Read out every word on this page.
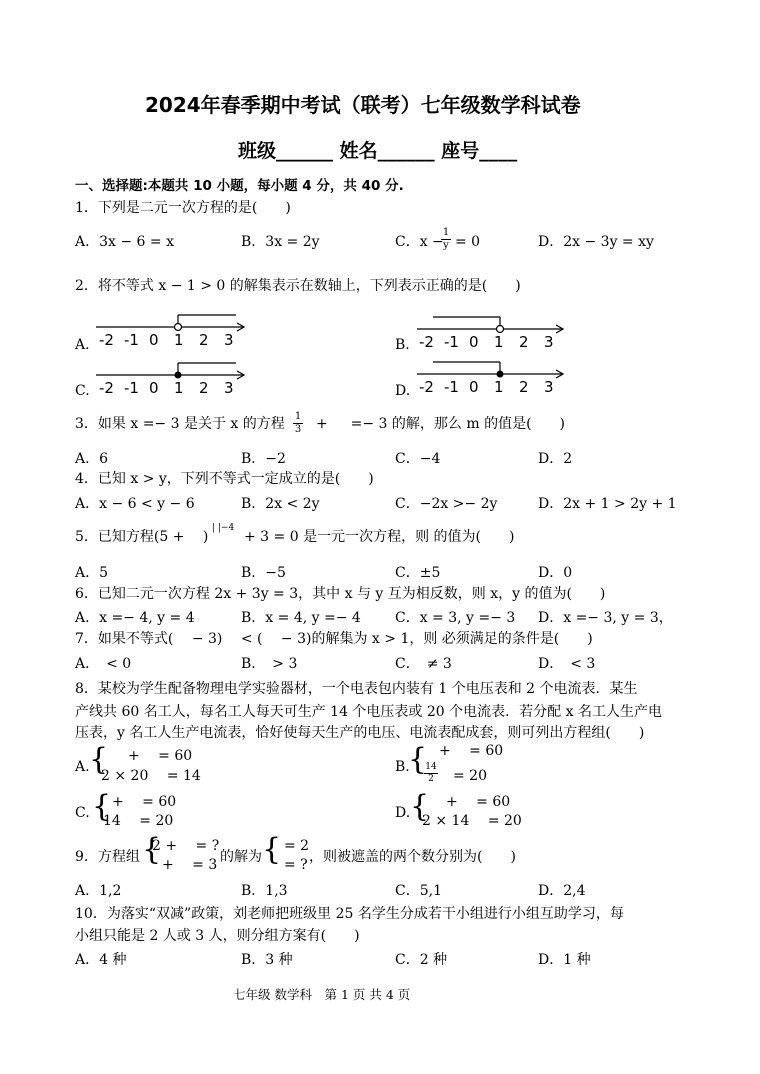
2024年春季期中考试（联考）七年级数学科试卷
班级______ 姓名______ 座号____
一、选择题:本题共 10 小题，每小题 4 分，共 40 分.
1．下列是二元一次方程的是(　　)
A．3x − 6 = x	B．3x = 2y	C．x −
1
y = 0	D．2x − 3y = xy
2．将不等式 x − 1 > 0 的解集表示在数轴上，下列表示正确的是(　　)
A.	B.
C.	D.
-2 -1 0 1 2 3	-2 -1 0 1 2 3
-2 -1 0 1 2 3	-2 -1 0 1 2 3
3．如果 x =− 3 是关于 x 的方程 1
3 + 　 =− 3 的解，那么 m 的值是(　　)
A．6	B．−2	C．−4	D．2
4．已知 x > y，下列不等式一定成立的是(　　)
A．x − 6 < y − 6	B．2x < 2y	C．−2x >− 2y	D．2x + 1 > 2y + 1
5．已知方程(5 + 　)
| |−4
+ 3 = 0 是一元一次方程，则 的值为(　　)
A．5	B．−5	C．±5	D．0
6．已知二元一次方程 2x + 3y = 3，其中 x 与 y 互为相反数，则 x，y 的值为(　　)
A．x =− 4, y = 4	B．x = 4, y =− 4 C．x = 3, y =− 3 D．x =− 3, y = 3，
7．如果不等式( 　− 3) 　< ( 　− 3)的解集为 x > 1，则 必须满足的条件是(　　)
A．　< 0	B．　> 3	C．　≠ 3	D．　< 3
8．某校为学生配备物理电学实验器材，一个电表包内装有 1 个电压表和 2 个电流表．某生
产线共 60 名工人，每名工人每天可生产 14 个电压表或 20 个电流表．若分配 x 名工人生产电
压表，y 名工人生产电流表，恰好使每天生产的电压、电流表配成套，则可列出方程组(　　)
A. { + 　= 60
2 × 20 　= 14
B.
{ + 　= 60
14
2 = 20
C. { + 　= 60
14 　= 20	D. { + 　= 60
2 × 14 　= 20
9．方程组 {
2 + 　= ?
+ 　= 3 的解为 { = 2
= ? ，则被遮盖的两个数分别为(　　)
A．1,2	B．1,3	C．5,1	D．2,4
10．为落实“双减”政策，刘老师把班级里 25 名学生分成若干小组进行小组互助学习，每
小组只能是 2 人或 3 人，则分组方案有(　　)
A．4 种	B．3 种	C．2 种	D．1 种
七年级 数学科　第 1 页 共 4 页
